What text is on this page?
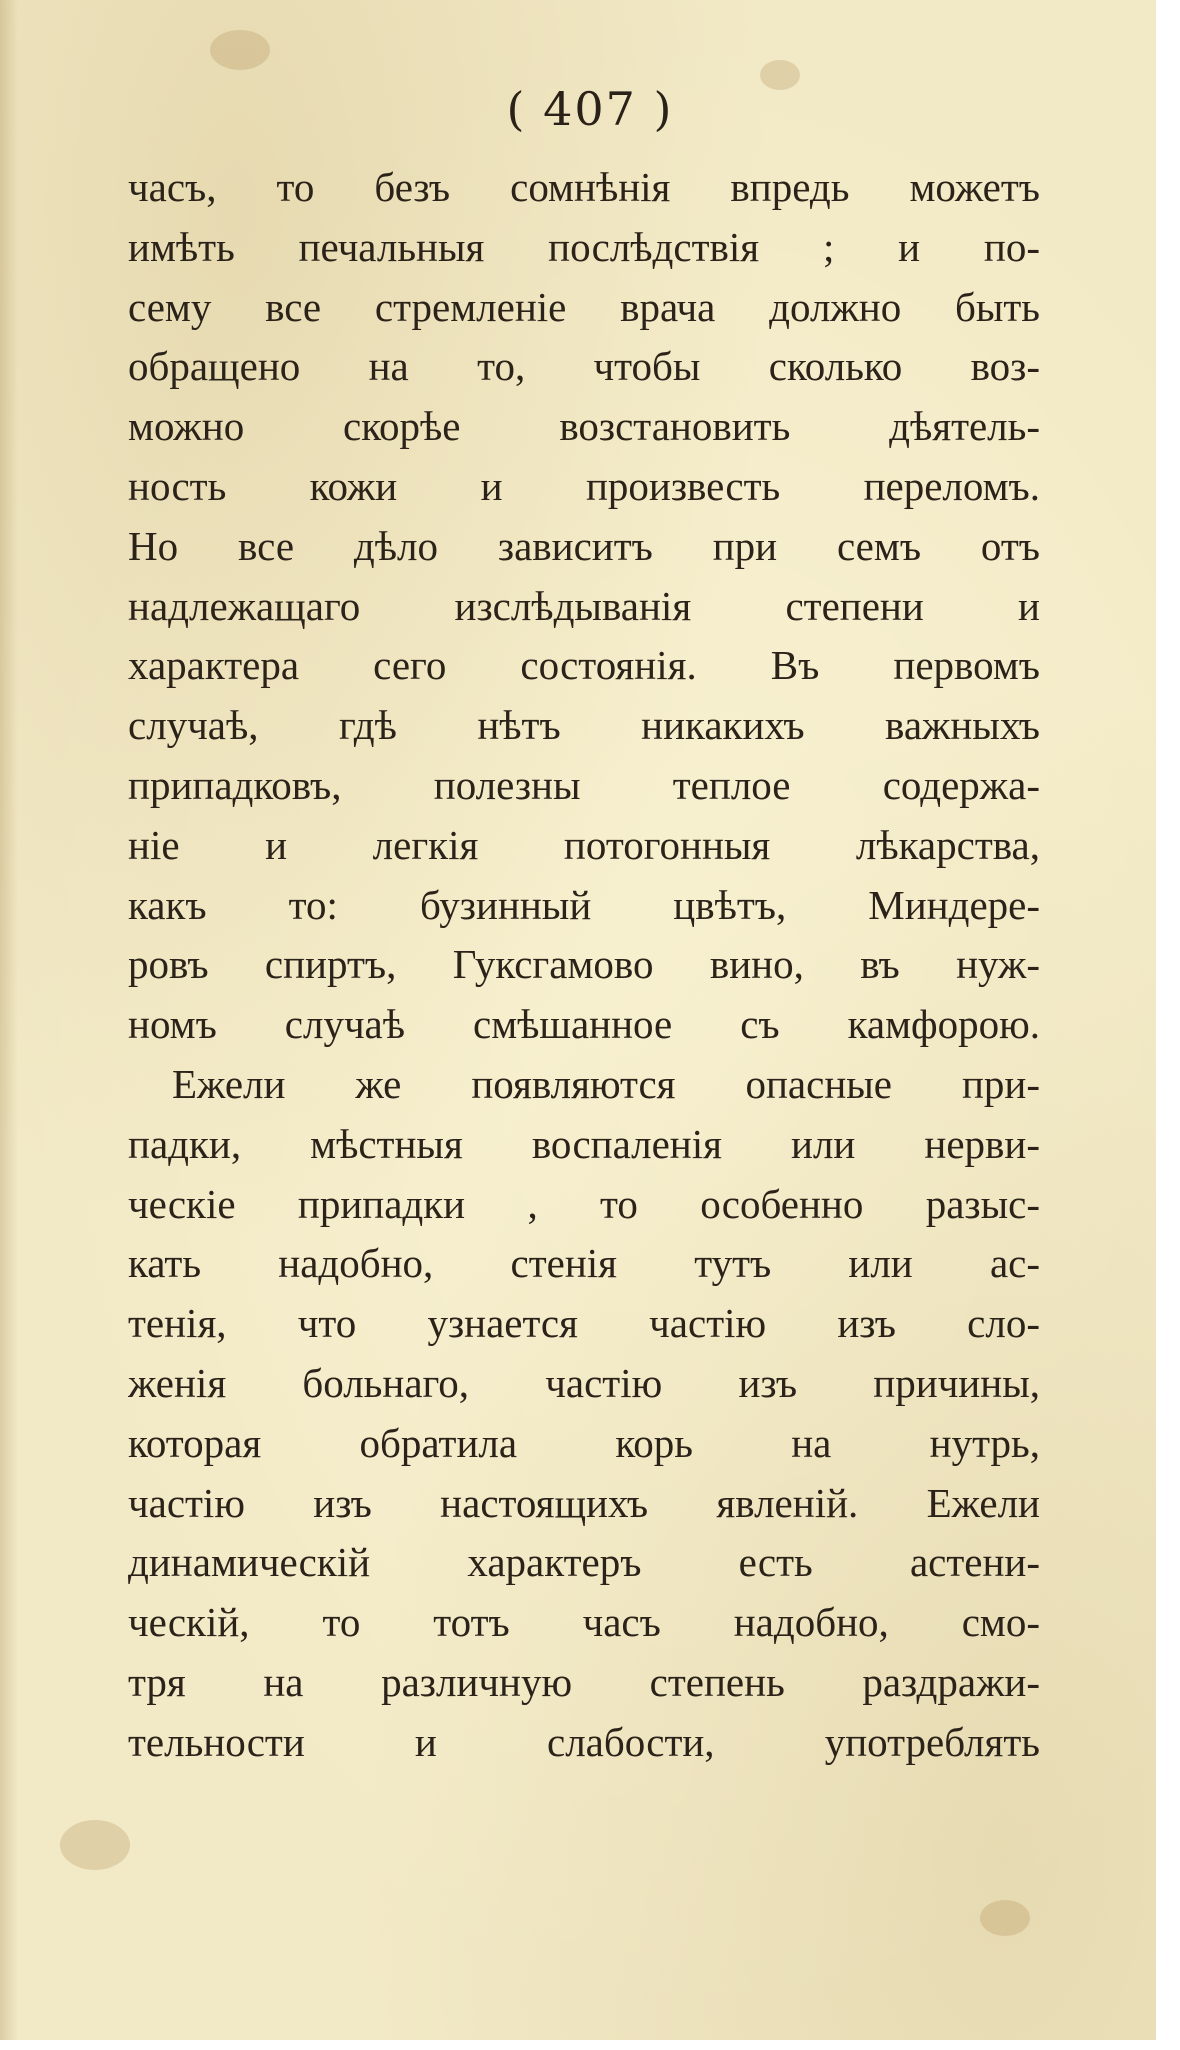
( 407 )
часъ, то безъ сомнѣнія впредь можетъ
имѣть печальныя послѣдствія ; и по-
сему все стремленіе врача должно быть
обращено на то, чтобы сколько воз-
можно скорѣе возстановить дѣятель-
ность кожи и произвесть переломъ.
Но все дѣло зависитъ при семъ отъ
надлежащаго изслѣдыванія степени и
характера сего состоянія. Въ первомъ
случаѣ, гдѣ нѣтъ никакихъ важныхъ
припадковъ, полезны теплое содержа-
ніе и легкія потогонныя лѣкарства,
какъ то: бузинный цвѣтъ, Миндере-
ровъ спиртъ, Гуксгамово вино, въ нуж-
номъ случаѣ смѣшанное съ камфорою.
Ежели же появляются опасные при-
падки, мѣстныя воспаленія или нерви-
ческіе припадки , то особенно разыс-
кать надобно, стенія тутъ или ас-
тенія, что узнается частію изъ сло-
женія больнаго, частію изъ причины,
которая обратила корь на нутрь,
частію изъ настоящихъ явленій. Ежели
динамическій характеръ есть астени-
ческій, то тотъ часъ надобно, смо-
тря на различную степень раздражи-
тельности и слабости, употреблять
